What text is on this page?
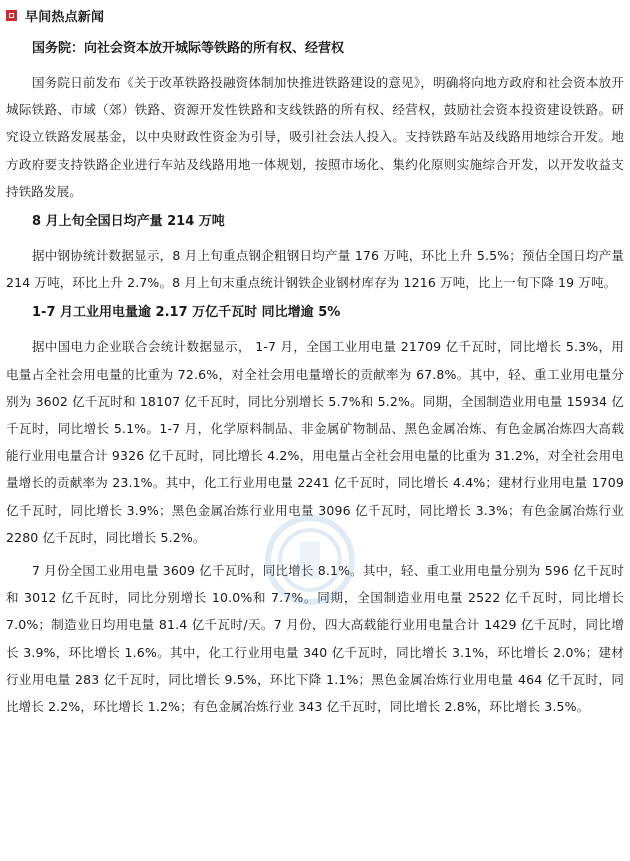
早间热点新闻

国务院：向社会资本放开城际等铁路的所有权、经营权

国务院日前发布《关于改革铁路投融资体制加快推进铁路建设的意见》，明确将向地方政府和社会资本放开城际铁路、市域（郊）铁路、资源开发性铁路和支线铁路的所有权、经营权，鼓励社会资本投资建设铁路。研究设立铁路发展基金，以中央财政性资金为引导，吸引社会法人投入。支持铁路车站及线路用地综合开发。地方政府要支持铁路企业进行车站及线路用地一体规划，按照市场化、集约化原则实施综合开发，以开发收益支持铁路发展。

8 月上旬全国日均产量 214 万吨

据中钢协统计数据显示，8 月上旬重点钢企粗钢日均产量 176 万吨，环比上升 5.5%；预估全国日均产量 214 万吨，环比上升 2.7%。8 月上旬末重点统计钢铁企业钢材库存为 1216 万吨，比上一旬下降 19 万吨。

1-7 月工业用电量逾 2.17 万亿千瓦时 同比增逾 5%

据中国电力企业联合会统计数据显示， 1-7 月，全国工业用电量 21709 亿千瓦时，同比增长 5.3%，用电量占全社会用电量的比重为 72.6%，对全社会用电量增长的贡献率为 67.8%。其中，轻、重工业用电量分别为 3602 亿千瓦时和 18107 亿千瓦时，同比分别增长 5.7%和 5.2%。同期，全国制造业用电量 15934 亿千瓦时，同比增长 5.1%。1-7 月，化学原料制品、非金属矿物制品、黑色金属冶炼、有色金属冶炼四大高载能行业用电量合计 9326 亿千瓦时，同比增长 4.2%，用电量占全社会用电量的比重为 31.2%，对全社会用电量增长的贡献率为 23.1%。其中，化工行业用电量 2241 亿千瓦时，同比增长 4.4%；建材行业用电量 1709 亿千瓦时，同比增长 3.9%；黑色金属冶炼行业用电量 3096 亿千瓦时，同比增长 3.3%；有色金属冶炼行业 2280 亿千瓦时，同比增长 5.2%。

7 月份全国工业用电量 3609 亿千瓦时，同比增长 8.1%。其中，轻、重工业用电量分别为 596 亿千瓦时和 3012 亿千瓦时，同比分别增长 10.0%和 7.7%。同期，全国制造业用电量 2522 亿千瓦时，同比增长 7.0%；制造业日均用电量 81.4 亿千瓦时/天。7 月份，四大高载能行业用电量合计 1429 亿千瓦时，同比增长 3.9%，环比增长 1.6%。其中，化工行业用电量 340 亿千瓦时，同比增长 3.1%，环比增长 2.0%；建材行业用电量 283 亿千瓦时，同比增长 9.5%，环比下降 1.1%；黑色金属冶炼行业用电量 464 亿千瓦时，同比增长 2.2%，环比增长 1.2%；有色金属冶炼行业 343 亿千瓦时，同比增长 2.8%，环比增长 3.5%。
